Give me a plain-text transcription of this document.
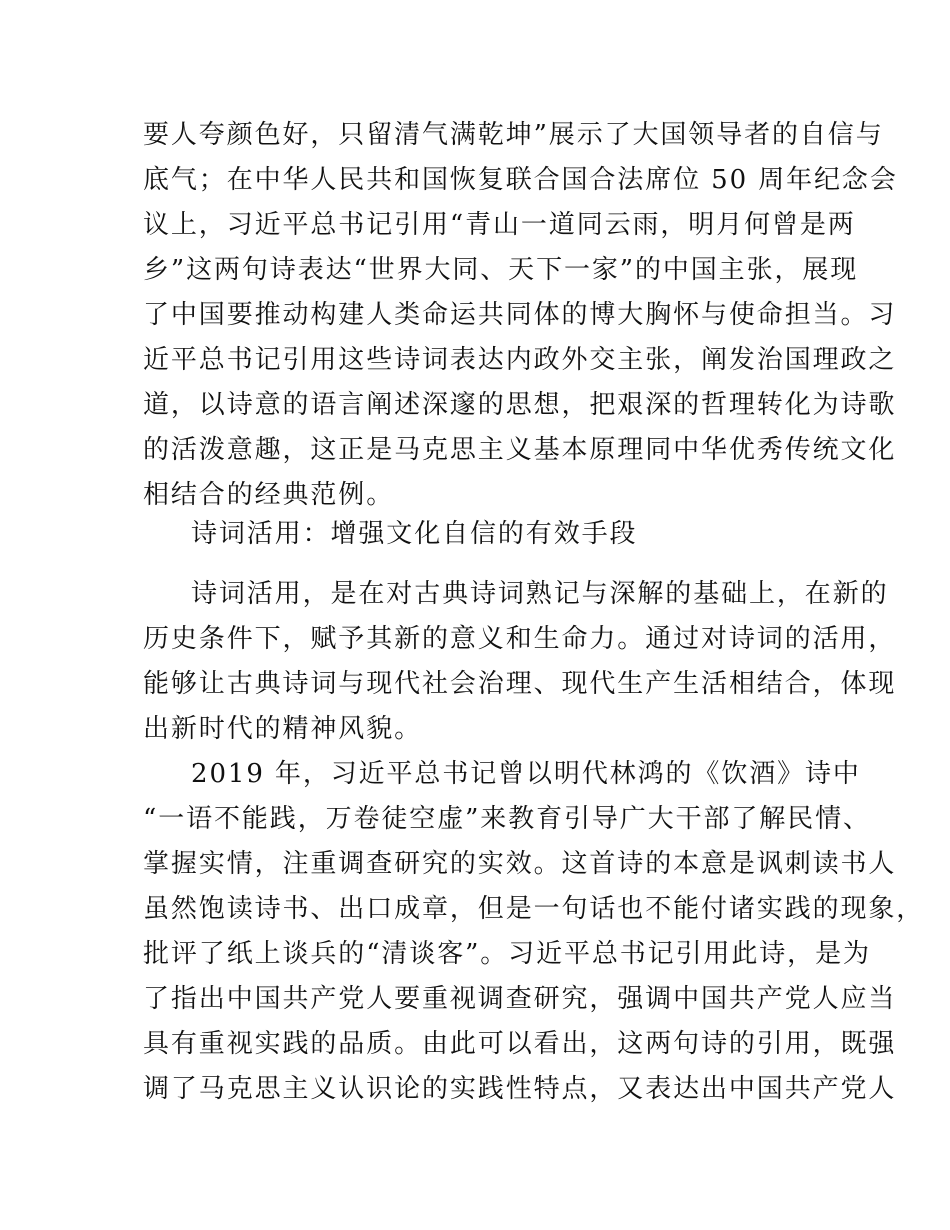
要人夸颜色好，只留清气满乾坤”展示了大国领导者的自信与
底气；在中华人民共和国恢复联合国合法席位 50 周年纪念会
议上，习近平总书记引用“青山一道同云雨，明月何曾是两
乡”这两句诗表达“世界大同、天下一家”的中国主张，展现
了中国要推动构建人类命运共同体的博大胸怀与使命担当。习
近平总书记引用这些诗词表达内政外交主张，阐发治国理政之
道，以诗意的语言阐述深邃的思想，把艰深的哲理转化为诗歌
的活泼意趣，这正是马克思主义基本原理同中华优秀传统文化
相结合的经典范例。
诗词活用：增强文化自信的有效手段
诗词活用，是在对古典诗词熟记与深解的基础上，在新的
历史条件下，赋予其新的意义和生命力。通过对诗词的活用，
能够让古典诗词与现代社会治理、现代生产生活相结合，体现
出新时代的精神风貌。
2019 年，习近平总书记曾以明代林鸿的《饮酒》诗中
“一语不能践，万卷徒空虚”来教育引导广大干部了解民情、
掌握实情，注重调查研究的实效。这首诗的本意是讽刺读书人
虽然饱读诗书、出口成章，但是一句话也不能付诸实践的现象，
批评了纸上谈兵的“清谈客”。习近平总书记引用此诗，是为
了指出中国共产党人要重视调查研究，强调中国共产党人应当
具有重视实践的品质。由此可以看出，这两句诗的引用，既强
调了马克思主义认识论的实践性特点，又表达出中国共产党人
